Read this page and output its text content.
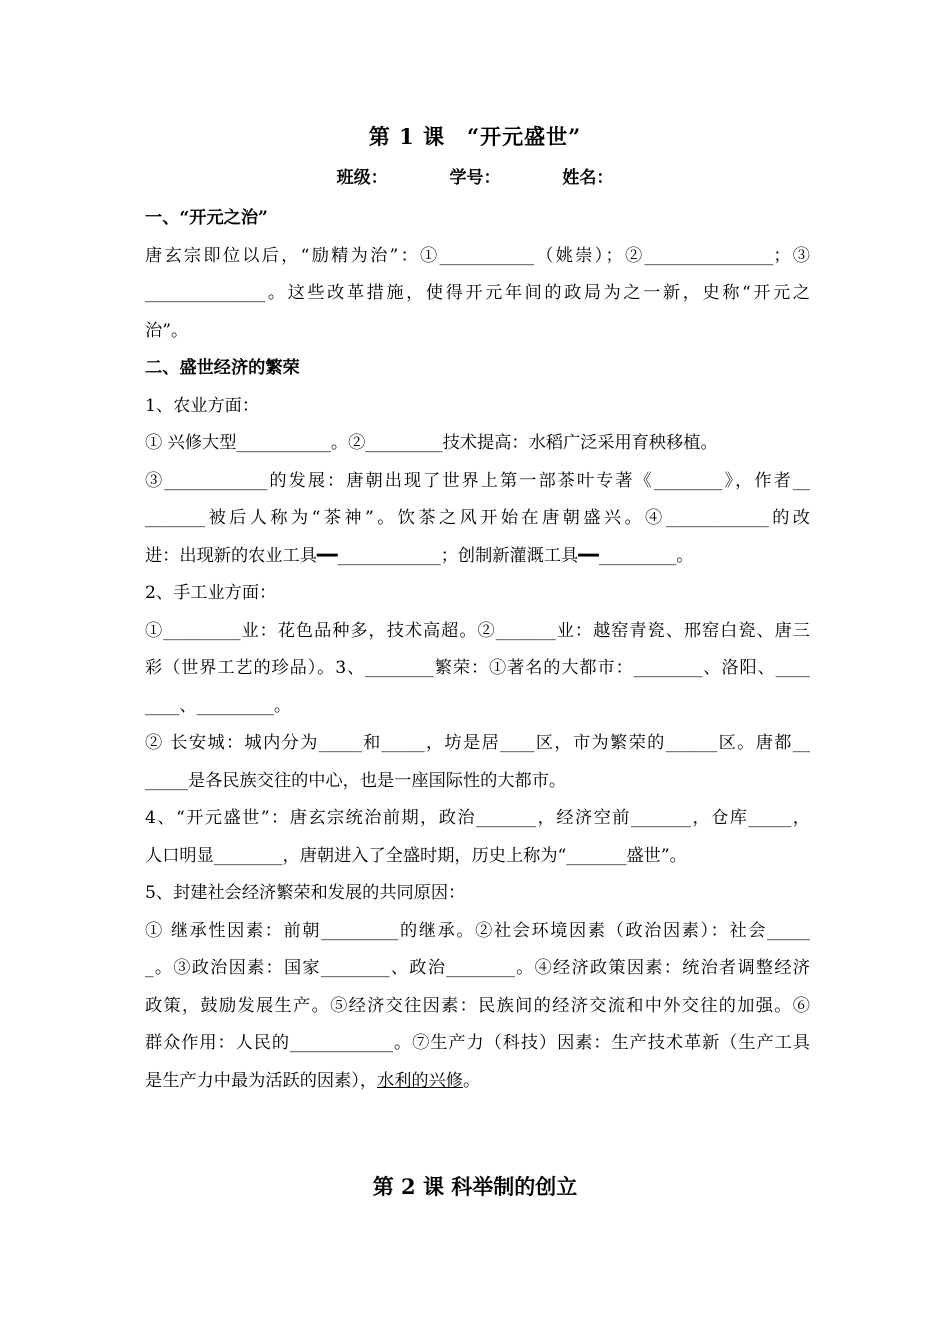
第 1 课　“开元盛世”
班级：	学号：	姓名：
一、“开元之治”
唐玄宗即位以后，“励精为治”：①___________（姚崇）；②_______________；③
______________。这些改革措施，使得开元年间的政局为之一新，史称“开元之
治”。
二、盛世经济的繁荣
1、农业方面：
① 兴修大型___________。②_________技术提高：水稻广泛采用育秧移植。
③____________的发展：唐朝出现了世界上第一部茶叶专著《________》，作者__
_______被后人称为“茶神”。饮茶之风开始在唐朝盛兴。④____________的改
进：出现新的农业工具━━____________；创制新灌溉工具━━_________。
2、手工业方面：
①_________业：花色品种多，技术高超。②_______业：越窑青瓷、邢窑白瓷、唐三
彩（世界工艺的珍品）。3、________繁荣：①著名的大都市：________、洛阳、____
____、_________。
② 长安城：城内分为_____和_____，坊是居____区，市为繁荣的______区。唐都__
_____是各民族交往的中心，也是一座国际性的大都市。
4、“开元盛世”：唐玄宗统治前期，政治_______，经济空前_______，仓库_____，
人口明显________，唐朝进入了全盛时期，历史上称为“_______盛世”。
5、封建社会经济繁荣和发展的共同原因：
① 继承性因素：前朝_________的继承。②社会环境因素（政治因素）：社会_____
_。③政治因素：国家________、政治________。④经济政策因素：统治者调整经济
政策，鼓励发展生产。⑤经济交往因素：民族间的经济交流和中外交往的加强。⑥
群众作用：人民的____________。⑦生产力（科技）因素：生产技术革新（生产工具
是生产力中最为活跃的因素），水利的兴修。
第 2 课 科举制的创立
